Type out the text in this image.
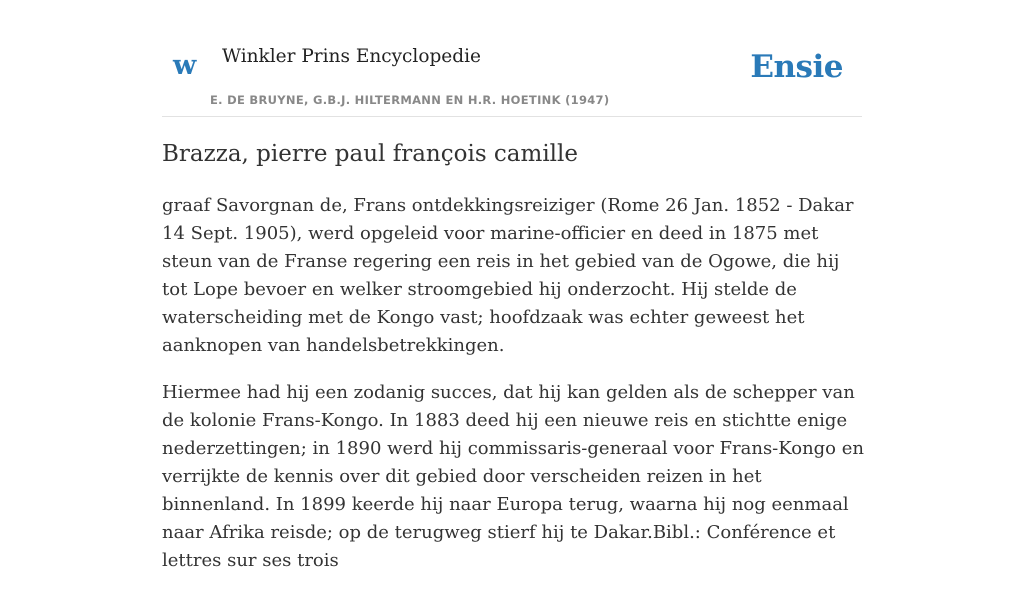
w Winkler Prins Encyclopedie
E. DE BRUYNE, G.B.J. HILTERMANN EN H.R. HOETINK (1947)
Ensie
Brazza, pierre paul françois camille

graaf Savorgnan de, Frans ontdekkingsreiziger (Rome 26 Jan. 1852 - Dakar 14 Sept. 1905), werd opgeleid voor marine-officier en deed in 1875 met steun van de Franse regering een reis in het gebied van de Ogowe, die hij tot Lope bevoer en welker stroomgebied hij onderzocht. Hij stelde de waterscheiding met de Kongo vast; hoofdzaak was echter geweest het aanknopen van handelsbetrekkingen.

Hiermee had hij een zodanig succes, dat hij kan gelden als de schepper van de kolonie Frans-Kongo. In 1883 deed hij een nieuwe reis en stichtte enige nederzettingen; in 1890 werd hij commissaris-generaal voor Frans-Kongo en verrijkte de kennis over dit gebied door verscheiden reizen in het binnenland. In 1899 keerde hij naar Europa terug, waarna hij nog eenmaal naar Afrika reisde; op de terugweg stierf hij te Dakar.Bibl.: Conférence et lettres sur ses trois
